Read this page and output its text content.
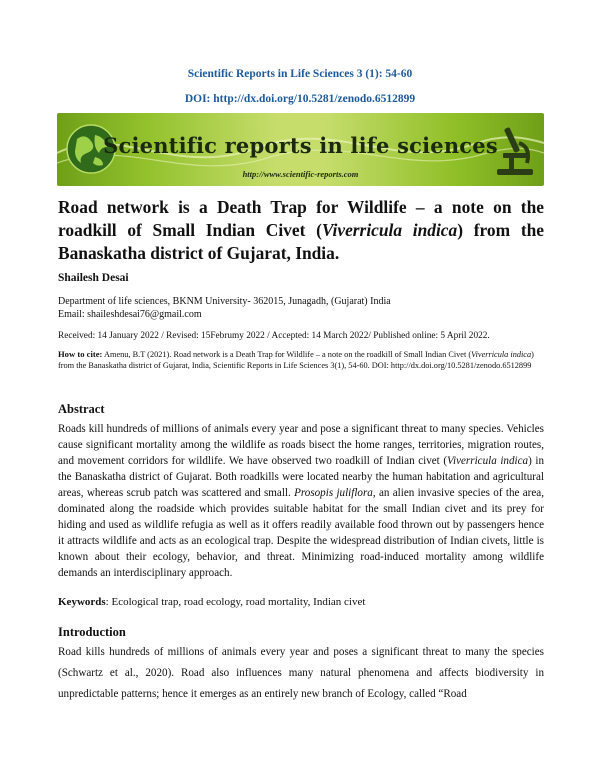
Scientific Reports in Life Sciences 3 (1): 54-60
DOI: http://dx.doi.org/10.5281/zenodo.6512899
Scientific reports in life sciences
http://www.scientific-reports.com
Road network is a Death Trap for Wildlife – a note on the roadkill of Small Indian Civet (Viverricula indica) from the Banaskatha district of Gujarat, India.
Shailesh Desai
Department of life sciences, BKNM University- 362015, Junagadh, (Gujarat) India
Email: shaileshdesai76@gmail.com
Received: 14 January 2022 / Revised: 15Februmy 2022 / Accepted: 14 March 2022/ Published online: 5 April 2022.
How to cite: Amenu, B.T (2021). Road network is a Death Trap for Wildlife – a note on the roadkill of Small Indian Civet (Viverricula indica) from the Banaskatha district of Gujarat, India, Scientific Reports in Life Sciences 3(1), 54-60. DOI: http://dx.doi.org/10.5281/zenodo.6512899
Abstract
Roads kill hundreds of millions of animals every year and pose a significant threat to many species. Vehicles cause significant mortality among the wildlife as roads bisect the home ranges, territories, migration routes, and movement corridors for wildlife. We have observed two roadkill of Indian civet (Viverricula indica) in the Banaskatha district of Gujarat. Both roadkills were located nearby the human habitation and agricultural areas, whereas scrub patch was scattered and small. Prosopis juliflora, an alien invasive species of the area, dominated along the roadside which provides suitable habitat for the small Indian civet and its prey for hiding and used as wildlife refugia as well as it offers readily available food thrown out by passengers hence it attracts wildlife and acts as an ecological trap. Despite the widespread distribution of Indian civets, little is known about their ecology, behavior, and threat. Minimizing road-induced mortality among wildlife demands an interdisciplinary approach.
Keywords: Ecological trap, road ecology, road mortality, Indian civet
Introduction
Road kills hundreds of millions of animals every year and poses a significant threat to many the species (Schwartz et al., 2020). Road also influences many natural phenomena and affects biodiversity in unpredictable patterns; hence it emerges as an entirely new branch of Ecology, called “Road
